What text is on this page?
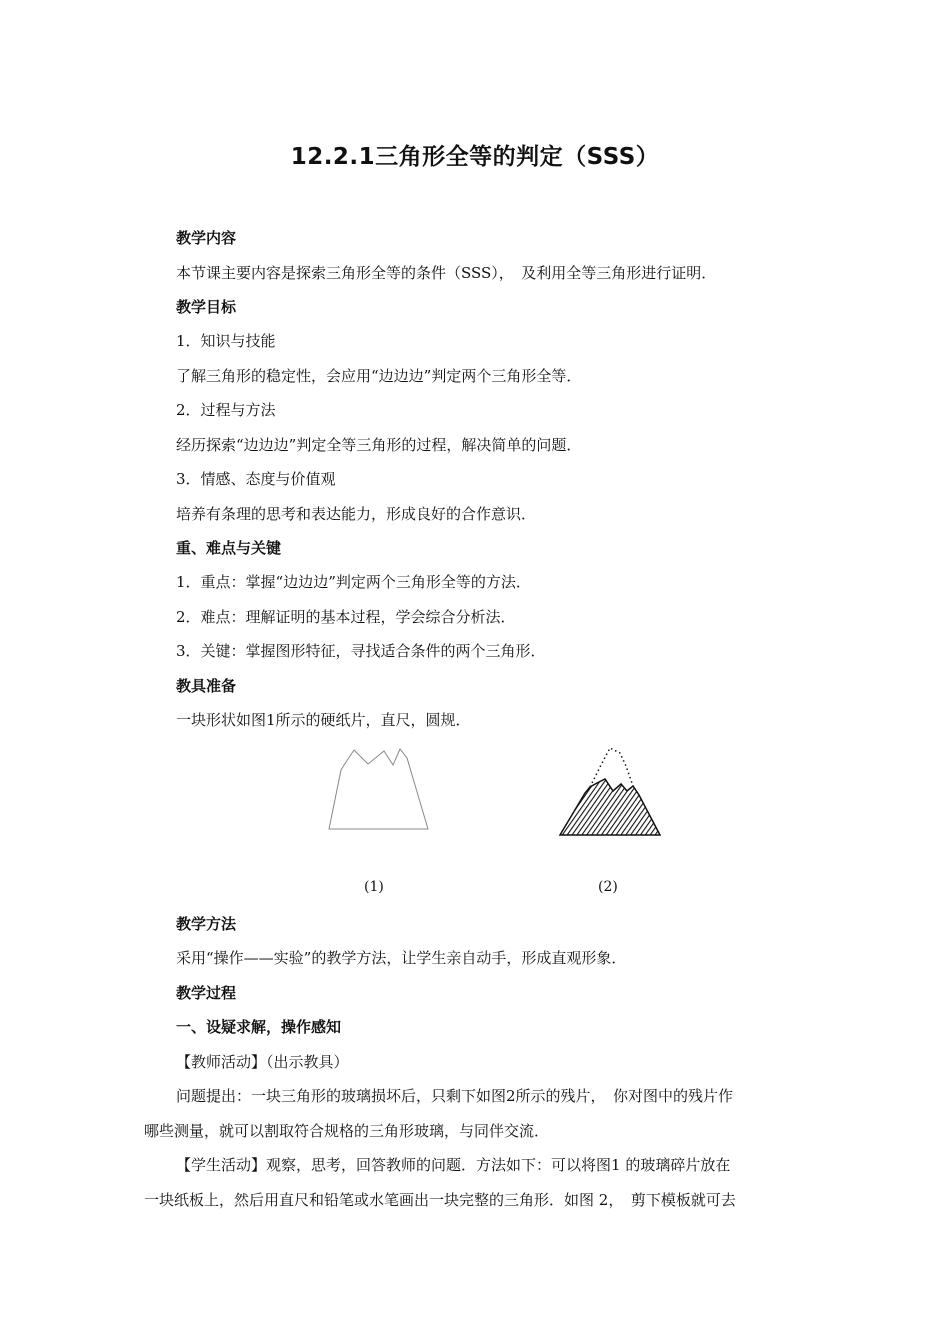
12.2.1三角形全等的判定（SSS）
教学内容
本节课主要内容是探索三角形全等的条件（SSS），　及利用全等三角形进行证明．
教学目标
1．知识与技能
了解三角形的稳定性，会应用“边边边”判定两个三角形全等．
2．过程与方法
经历探索“边边边”判定全等三角形的过程，解决简单的问题．
3．情感、态度与价值观
培养有条理的思考和表达能力，形成良好的合作意识．
重、难点与关键
1．重点：掌握“边边边”判定两个三角形全等的方法．
2．难点：理解证明的基本过程，学会综合分析法．
3．关键：掌握图形特征，寻找适合条件的两个三角形．
教具准备
一块形状如图1所示的硬纸片，直尺，圆规．
(1)	(2)
教学方法
采用“操作——实验”的教学方法，让学生亲自动手，形成直观形象．
教学过程
一、设疑求解，操作感知
【教师活动】（出示教具）
问题提出：一块三角形的玻璃损坏后，只剩下如图2所示的残片，　你对图中的残片作
哪些测量，就可以割取符合规格的三角形玻璃，与同伴交流．
【学生活动】观察，思考，回答教师的问题．方法如下：可以将图1 的玻璃碎片放在
一块纸板上，然后用直尺和铅笔或水笔画出一块完整的三角形．如图 2，　剪下模板就可去
